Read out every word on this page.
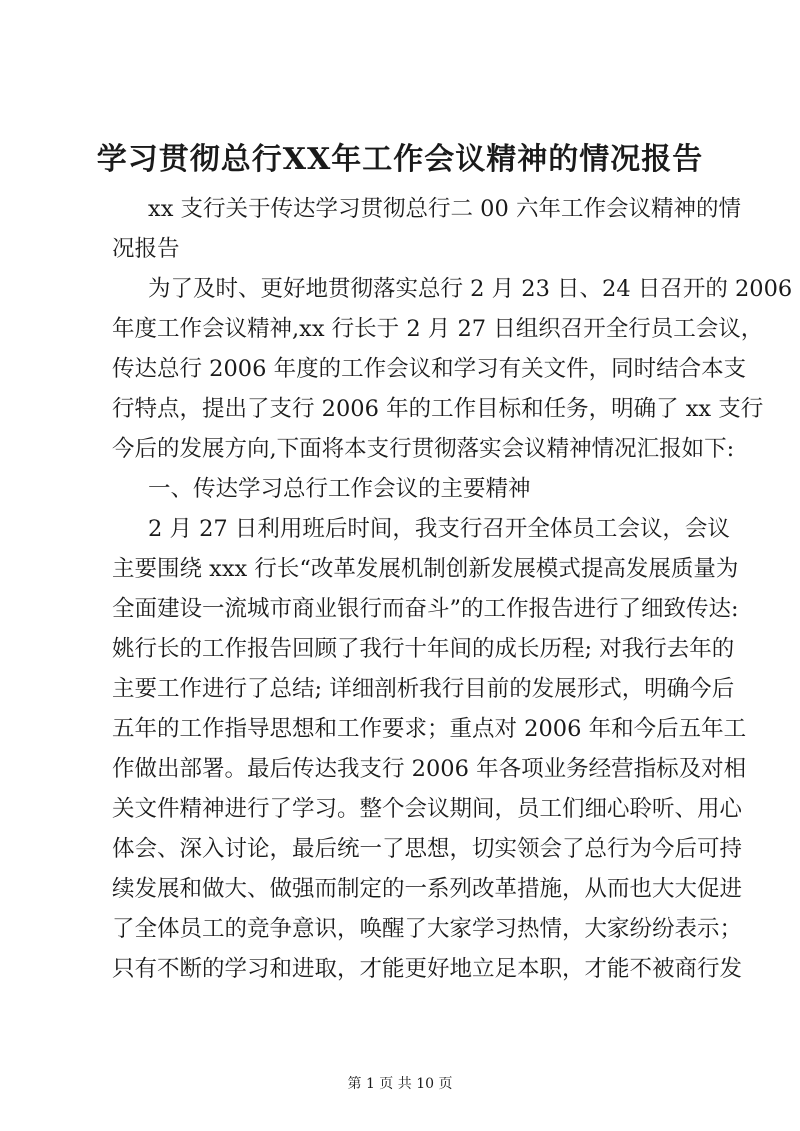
学习贯彻总行XX年工作会议精神的情况报告
xx 支行关于传达学习贯彻总行二 00 六年工作会议精神的情
况报告
为了及时、更好地贯彻落实总行 2 月 23 日、24 日召开的 2006
年度工作会议精神,xx 行长于 2 月 27 日组织召开全行员工会议，
传达总行 2006 年度的工作会议和学习有关文件，同时结合本支
行特点，提出了支行 2006 年的工作目标和任务，明确了 xx 支行
今后的发展方向,下面将本支行贯彻落实会议精神情况汇报如下:
一、传达学习总行工作会议的主要精神
2 月 27 日利用班后时间，我支行召开全体员工会议，会议
主要围绕 xxx 行长“改革发展机制创新发展模式提高发展质量为
全面建设一流城市商业银行而奋斗”的工作报告进行了细致传达:
姚行长的工作报告回顾了我行十年间的成长历程; 对我行去年的
主要工作进行了总结; 详细剖析我行目前的发展形式，明确今后
五年的工作指导思想和工作要求；重点对 2006 年和今后五年工
作做出部署。最后传达我支行 2006 年各项业务经营指标及对相
关文件精神进行了学习。整个会议期间，员工们细心聆听、用心
体会、深入讨论，最后统一了思想，切实领会了总行为今后可持
续发展和做大、做强而制定的一系列改革措施，从而也大大促进
了全体员工的竞争意识，唤醒了大家学习热情，大家纷纷表示；
只有不断的学习和进取，才能更好地立足本职，才能不被商行发
第 1 页 共 10 页
